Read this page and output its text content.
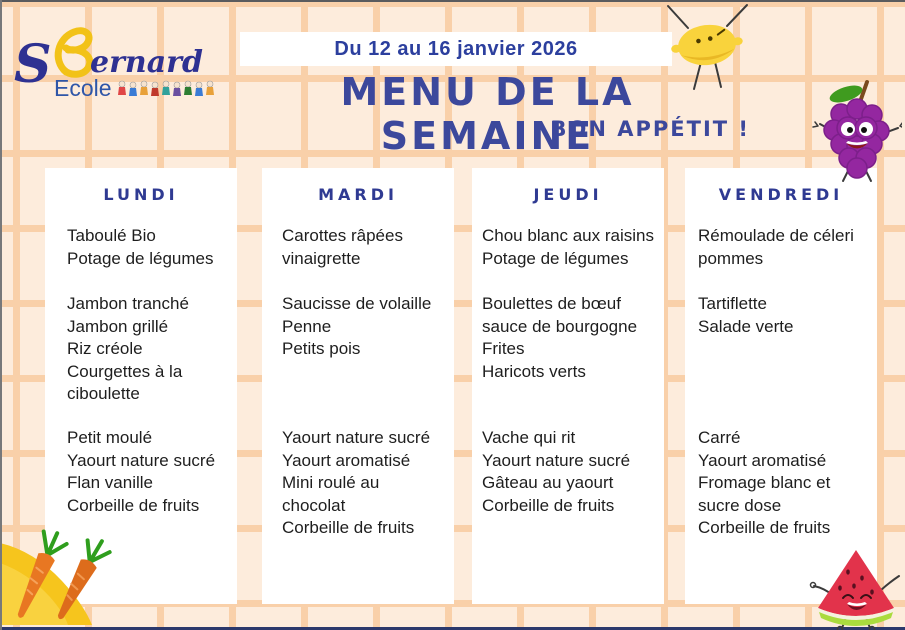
S ernard
Ecole
Du 12 au 16 janvier 2026
MENU DE LA SEMAINE
BON APPÉTIT !
LUNDI
Taboulé Bio
Potage de légumes
Jambon tranché
Jambon grillé
Riz créole
Courgettes à la
ciboulette
Petit moulé
Yaourt nature sucré
Flan vanille
Corbeille de fruits
MARDI
Carottes râpées
vinaigrette
Saucisse de volaille
Penne
Petits pois
Yaourt nature sucré
Yaourt aromatisé
Mini roulé au
chocolat
Corbeille de fruits
JEUDI
Chou blanc aux raisins
Potage de légumes
Boulettes de bœuf
sauce de bourgogne
Frites
Haricots verts
Vache qui rit
Yaourt nature sucré
Gâteau au yaourt
Corbeille de fruits
VENDREDI
Rémoulade de céleri
pommes
Tartiflette
Salade verte
Carré
Yaourt aromatisé
Fromage blanc et
sucre dose
Corbeille de fruits
